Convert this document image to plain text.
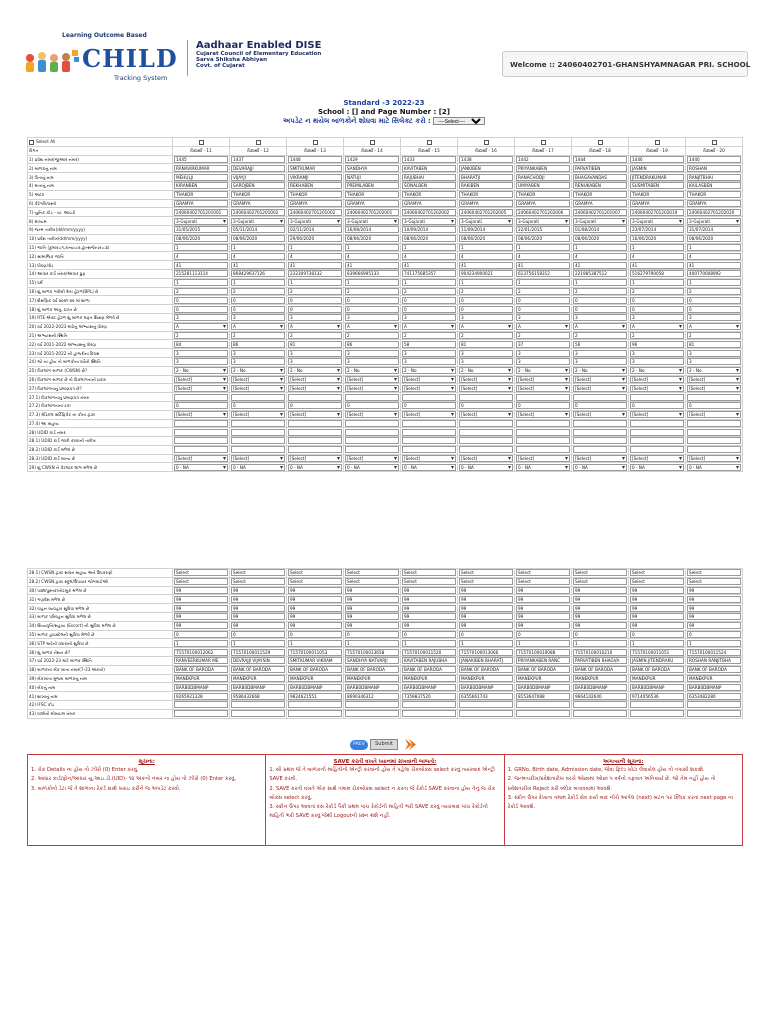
Learning Outcome Based
CHILD
Tracking System
Aadhaar Enabled DISE
Cujarat Council of Elementary Education
Sarva Shiksha Abhiyan
Covt. of Cujarat	Welcome :: 24060402701-GHANSHYAMNAGAR PRI. SCHOOL
Standard -3 2022-23
School : [] and Page Number : [2]
અપડેટ ન થયેલ બાળકોને શોધવા માટે સિલેક્ટ કરો :
----Select----
Select All										
વિગત	વિદ્યાર્થી - 11	વિદ્યાર્થી - 12	વિદ્યાર્થી - 13	વિદ્યાર્થી - 14	વિદ્યાર્થી - 15	વિદ્યાર્થી - 16	વિદ્યાર્થી - 17	વિદ્યાર્થી - 18	વિદ્યાર્થી - 19	વિદ્યાર્થી - 20
1) પ્રવેશ નંબર(જીઆર નંબર)	1445	1437	1448	1429	1433	1438	1442	1444	1446	1440

2) બાળકનું નામ	RANAVIRKUMAR	DEVARAJJI	SMITKUMAR	SANDHYA	KAVITABEN	JANKIBEN	PRIYANKABEN	PARVATIBEN	JASMIN	ROSHAN

3) પિતાનું નામ	MEHULJI	VIJAYJI	VIKRAMJI	NATUJI	RAJUBHAI	BHARATJI	RANACHODJI	BHAGAVANDAS	JITENDRAKUMAR	RANJITBHAI

4) માતાનું નામ	KIRANBEN	SAROJBEN	REKHABEN	PREMILABEN	SONALBEN	RAKIBEN	UMIYABEN	RENUKABEN	SUSMITABEN	KAILASBEN

5) અટક	THAKOR	THAKOR	THAKOR	THAKOR	THAKOR	THAKOR	THAKOR	THAKOR	THAKOR	THAKOR

6) કેટેગરિ/વસ્તી	GRAMYA	GRAMYA	GRAMYA	GRAMYA	GRAMYA	GRAMYA	GRAMYA	GRAMYA	GRAMYA	GRAMYA

7) યુનિક કોડ - ચા. આઇડી	24060402701201001	24060402701201002	24060402701201002	24060402701202001	24060402701202002	24060402701202005	24060402701202006	24060402701201007	24060402701202019	24060402701202020

8) માધ્યમ	3-Gujarati ▾	3-Gujarati ▾	3-Gujarati ▾	3-Gujarati ▾	3-Gujarati ▾	3-Gujarati ▾	3-Gujarati ▾	3-Gujarati ▾	3-Gujarati ▾	3-Gujarati ▾

9) જન્મ તારીખ(dd/mm/yyyy)	31/05/2015	05/11/2014	02/11/2014	16/08/2014	10/09/2014	11/09/2014	22/01/2015	01/08/2014	23/07/2014	31/07/2014

10) પ્રવેશ તારીખ(dd/mm/yyyy)	08/06/2020	08/06/2020	29/06/2020	08/06/2020	08/06/2020	08/06/2020	08/06/2020	08/06/2020	16/06/2020	08/06/2020

11) જાતિ (કુમાર=૧,કન્યા=૨,ટ્રાન્સજેન્ડર=૩)	1	1	1	1	1	1	1	1	1	1

12) સામાજિક જાતિ	4	4	4	4	4	4	4	4	4	4

13) ધોરણ/ગ્રેડ	41	41	41	41	41	41	41	41	41	41

14) આધાર કાર્ડ નંબર/આધાર પ્રુફ	215281113114	868429637126	232309738132	839666995133	741175685357	904234900021	613756158312	221985387512	516279790058	400770008992

15) ધર્મ	1	1	1	1	1	1	1	1	1	1

16) શું બાળક ગરીબી રેખા હેઠળ(BPL) છે	2	2	2	2	2	2	2	2	2	2

17) શૈક્ષણિક વર્ષ ૨૦૨૧-૨૨ માં શાળા	0	0	0	0	0	0	0	0	0	0

18) શું બાળક અનુ. પ્રાપ્ત છે	0	0	0	0	0	0	0	0	0	0

19) RTE એક્ટ હેઠળ શું બાળક મફત શિક્ષણ મેળવે છે	3	3	3	3	3	3	3	3	3	3

20) વર્ષ 2022-2023 માટેનું અભ્યાસનું ધોરણ	A ▾	A ▾	A ▾	A ▾	A ▾	A ▾	A ▾	A ▾	A ▾	A ▾

21) અભ્યાસની સ્થિતિ	2	2	2	2	2	2	2	2	2	2

22) વર્ષ 2021-2022 અભ્યાસનું ધોરણ	84	86	81	86	58	81	37	56	96	81

23) વર્ષ 2021-2022 ની હાજરીના દિવસ	3	3	3	3	3	3	3	3	3	3

24) જો ના હોય તો બાળકોના વર્ષની સ્થિતિ	3	3	3	3	3	3	3	3	3	3

25) વિકલાંગ બાળક (CWSN) છે?	2 - No ▾	2 - No ▾	2 - No ▾	2 - No ▾	2 - No ▾	2 - No ▾	2 - No ▾	2 - No ▾	2 - No ▾	2 - No ▾

26) વિકલાંગ બાળક છે તો વિકલાંગતાનો પ્રકાર	[Select] ▾	[Select] ▾	[Select] ▾	[Select] ▾	[Select] ▾	[Select] ▾	[Select] ▾	[Select] ▾	[Select] ▾	[Select] ▾

27) વિકલાંગતાનું પ્રમાણપત્ર છે?	[Select] ▾	[Select] ▾	[Select] ▾	[Select] ▾	[Select] ▾	[Select] ▾	[Select] ▾	[Select] ▾	[Select] ▾	[Select] ▾

27.1) વિકલાંગતાનું પ્રમાણપત્ર નંબર	

27.2) વિકલાંગતાના ટકા	0	0	0	0	0	0	0	0	0	0

27.3) મેડિકલ સર્ટિફિકેટ ના કોના દ્વારા	[Select] ▾	[Select] ▾	[Select] ▾	[Select] ▾	[Select] ▾	[Select] ▾	[Select] ▾	[Select] ▾	[Select] ▾	[Select] ▾

27.4) આ સહાય	

28) UDID કાર્ડ નંબર	

28.1) UDID કાર્ડ જારી કરવાની તારીખ	

28.2) UDID કાર્ડ મળેલ છે	

28.3) UDID કાર્ડ માન્ય છે	[Select] ▾	[Select] ▾	[Select] ▾	[Select] ▾	[Select] ▾	[Select] ▾	[Select] ▾	[Select] ▾	[Select] ▾	[Select] ▾

29) શું CWSN ને કેટલાક લાભ મળેલ છે	0 - NA ▾	0 - NA ▾	0 - NA ▾	0 - NA ▾	0 - NA ▾	0 - NA ▾	0 - NA ▾	0 - NA ▾	0 - NA ▾	0 - NA ▾
28.1) CWSN દ્વારા સાધન સહાય અને ઉપકરણો	Select	Select	Select	Select	Select	Select	Select	Select	Select	Select

28.2) CWSN દ્વારા સ્કૂલ/ઉપચાર જોગવાઈઓ	Select	Select	Select	Select	Select	Select	Select	Select	Select	Select

30) પાઠ્યપુસ્તક/નોટબુક મળેલ છે	99	99	99	99	99	99	99	99	99	99

31) ગણવેશ મળેલ છે	99	99	99	99	99	99	99	99	99	99

32) વાહન વ્યવહાર સુવિધા મળેલ છે	99	99	99	99	99	99	99	99	99	99

33) બાળક પરિવહન સુવિધા મળેલ છે	99	99	99	99	99	99	99	99	99	99

34) શિષ્યવૃત્તિ/સહાય (Escort) ની સુવિધા મળેલ છે	99	99	99	99	99	99	99	99	99	99

35) બાળક હાઇસ્ટેલની સુવિધા મેળવે છે	0	0	0	0	0	0	0	0	0	0

36) STP માટેની વધારાની સુવિધા છે	1	1	1	1	1	1	1	1	1	1

36) શું બાળક નેશન છે?	71570100012062	71570100011529	71570100011053	71570100013658	71570100011520	71570100013066	71570100010088	71570100010210	71570100011051	71570100011524

37) વર્ષ 2022-23 માટે બાળક સ્થિતિ	RANVEERKUMAR ME	DEVRAJJI VIJAYSIN	SMITKUMAR VIKRAM	SANDHYA NATVARJI	KAVITABEN RAJUBHA	JANAKIBEN BHARATJ	PRIYANKABEN RANC	PARVATIBEN BHAGVA	JASMIN JITENDRAKU	ROSHAN RANJITBHA

38) બાળકના બેંક ખાતા નંબર(7-23 અંકનો)	BANK OF BARODA	BANK OF BARODA	BANK OF BARODA	BANK OF BARODA	BANK OF BARODA	BANK OF BARODA	BANK OF BARODA	BANK OF BARODA	BANK OF BARODA	BANK OF BARODA

39) બેંકખાતા મુજબ બાળકનું નામ	MANEKPUR	MANEKPUR	MANEKPUR	MANEKPUR	MANEKPUR	MANEKPUR	MANEKPUR	MANEKPUR	MANEKPUR	MANEKPUR

40) બેંકનું નામ	BARB0DBMANP	BARB0DBMANP	BARB0DBMANP	BARB0DBMANP	BARB0DBMANP	BARB0DBMANP	BARB0DBMANP	BARB0DBMANP	BARB0DBMANP	BARB0DBMANP

41) શાખાનું નામ	9265921328	9586432668	9824621551	8690346312	7359837520	6355661743	8153647088	9664142640	9714056536	6353482280

42) IFSC કોડ	

43) વાલીનો મોબાઇલ નંબર	

PREV	Submit
સૂચના:

1. ચેક Details ના હોય તો ઝીરો (0) Enter કરવું.

2. આધાર કાર્ડ/ફોન/આધાર યુ.આઇ.ડી.(UID)- ૧૨ અંકનો નંબર ના હોય તો ઝીરો (0) Enter કરવું.

3. બાળકોનો ડેટા જે તે શાળાના રેકર્ડ સાથે ખરાઇ કરીને જ અપડેટ કરવો.

SAVE કરતી વખતે ધ્યાનમાં રાખવાની બાબતો:

1. સૌ પ્રથમ જે તે બાળકની માહિતીની એન્ટ્રી કરવાની હોય તે પહેલા ચેકબોક્સ select કરવું ત્યારબાદ એન્ટ્રી SAVE કરવી.

2. SAVE કરતી વખતે એક સાથે તમામ ચેકબોક્સ select ન કરતા જે રેકોર્ડ SAVE કરવાના હોય તેનું જ ચેક બોક્સ select કરવું.

3. સ્ક્રીન ઉપર આવતાં દસ રેકોર્ડ પૈકી પ્રથમ પાંચ રેકોર્ડની માહિતી ભરી SAVE કરવું ત્યારબાદ પાંચ રેકોર્ડની માહિતી ભરી SAVE કરવું જેથી Logoutની પ્રશ્ન થશે નહીં.

અગત્યની સૂચના:

1. GRNo, Birth date, Admission date, જેવા ફિલ્ડ ખોટા લેવાયેલ હોય તો તપાસી શકાશે.

2. જન્મતારીખ/પ્રવેશતારીખ વચ્ચે ઓછામાં ઓછાં ૫ વર્ષનો તફાવત અનિવાર્ય છે. જો તેમ નહીં હોય તો પ્રવેશતારીખ Reject કરી બ્લોક બતાવવામાં આવશે.

3. સ્ક્રીન ઉપર દેખાતા તમામ રેકોર્ડ સેવ કર્યા બાદ નીચે આપેલ (next) બટન પર ક્લિક કરતાં next page ના રેકોર્ડ આવશે.
